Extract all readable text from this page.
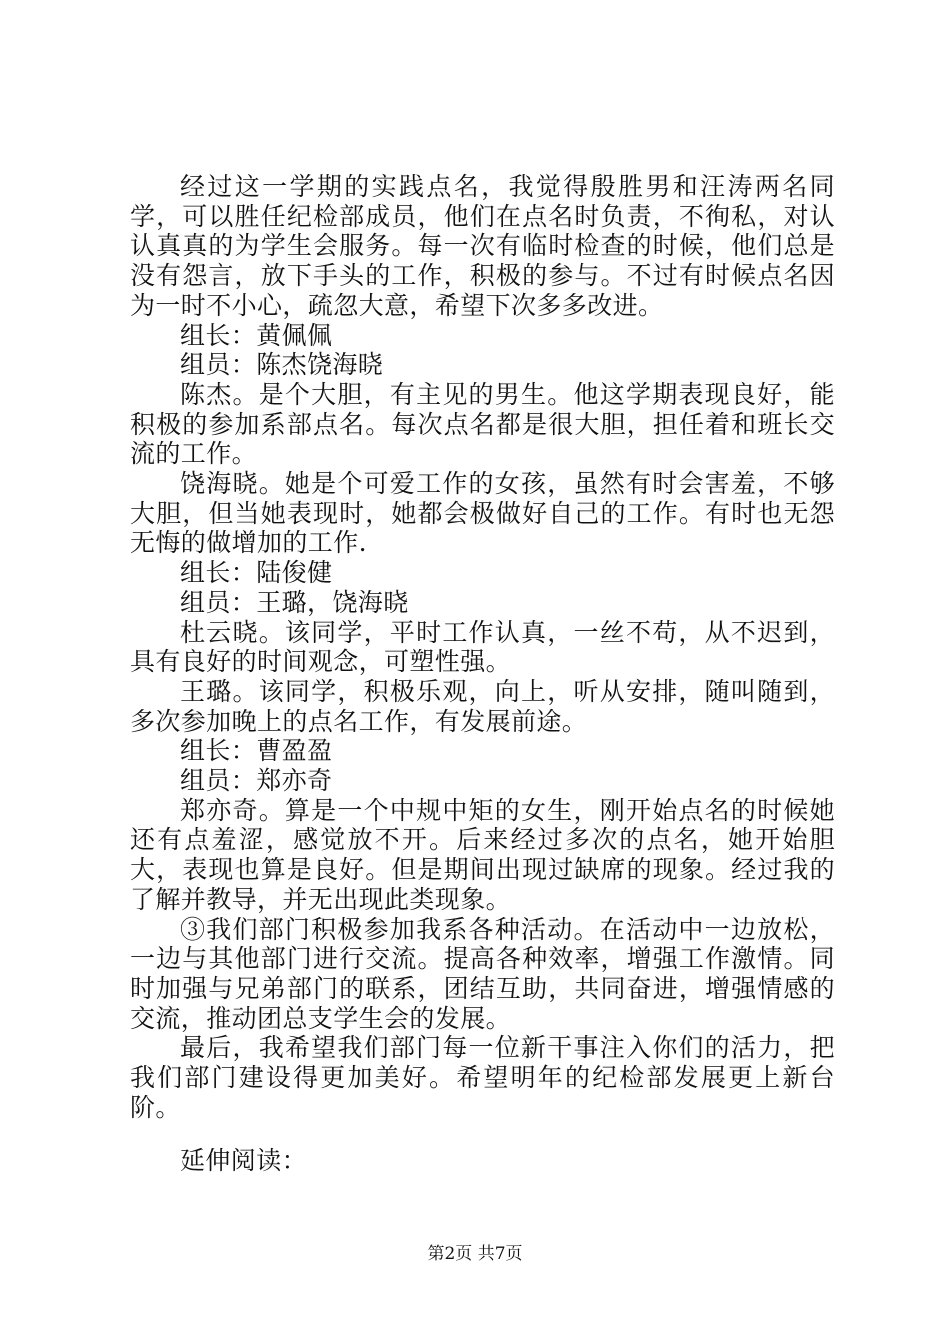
经过这一学期的实践点名，我觉得殷胜男和汪涛两名同学，可以胜任纪检部成员，他们在点名时负责，不徇私，对认认真真的为学生会服务。每一次有临时检查的时候，他们总是没有怨言，放下手头的工作，积极的参与。不过有时候点名因为一时不小心，疏忽大意，希望下次多多改进。

组长：黄佩佩

组员：陈杰饶海晓

陈杰。是个大胆，有主见的男生。他这学期表现良好，能积极的参加系部点名。每次点名都是很大胆，担任着和班长交流的工作。

饶海晓。她是个可爱工作的女孩，虽然有时会害羞，不够大胆，但当她表现时，她都会极做好自己的工作。有时也无怨无悔的做增加的工作.

组长：陆俊健

组员：王璐，饶海晓

杜云晓。该同学，平时工作认真，一丝不苟，从不迟到，具有良好的时间观念，可塑性强。

王璐。该同学，积极乐观，向上，听从安排，随叫随到，多次参加晚上的点名工作，有发展前途。

组长：曹盈盈

组员：郑亦奇

郑亦奇。算是一个中规中矩的女生，刚开始点名的时候她还有点羞涩，感觉放不开。后来经过多次的点名，她开始胆大，表现也算是良好。但是期间出现过缺席的现象。经过我的了解并教导，并无出现此类现象。

③我们部门积极参加我系各种活动。在活动中一边放松，一边与其他部门进行交流。提高各种效率，增强工作激情。同时加强与兄弟部门的联系，团结互助，共同奋进，增强情感的交流，推动团总支学生会的发展。

最后，我希望我们部门每一位新干事注入你们的活力，把我们部门建设得更加美好。希望明年的纪检部发展更上新台阶。

延伸阅读：

第2页 共7页
